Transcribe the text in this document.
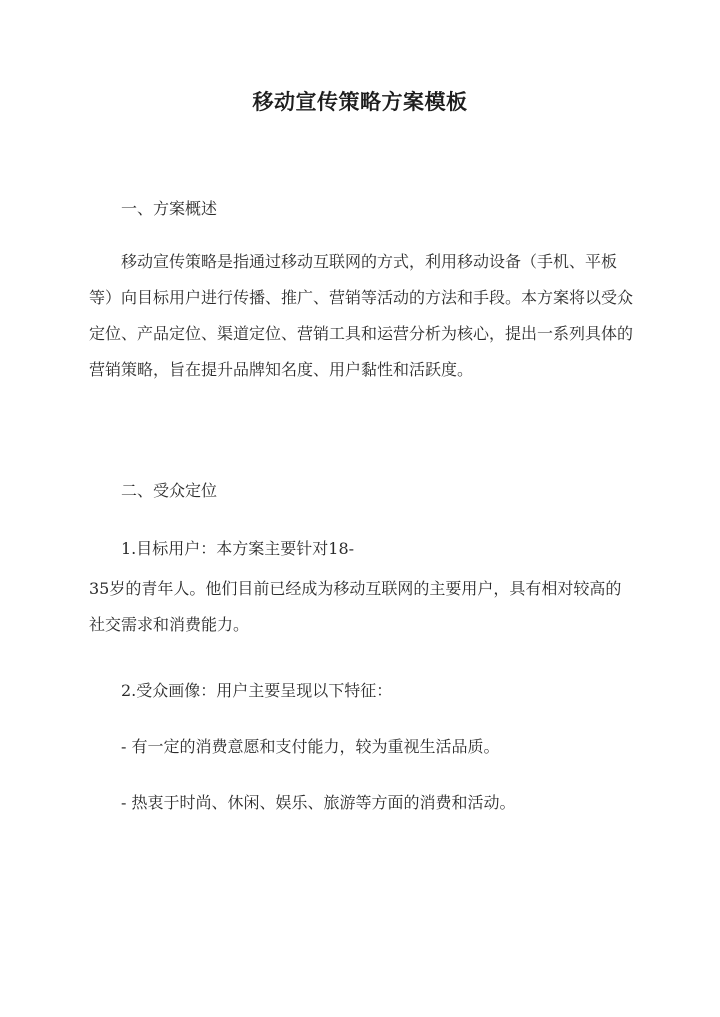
移动宣传策略方案模板

一、方案概述

移动宣传策略是指通过移动互联网的方式，利用移动设备（手机、平板等）向目标用户进行传播、推广、营销等活动的方法和手段。本方案将以受众定位、产品定位、渠道定位、营销工具和运营分析为核心，提出一系列具体的营销策略，旨在提升品牌知名度、用户黏性和活跃度。

二、受众定位

1.目标用户：本方案主要针对18-

35岁的青年人。他们目前已经成为移动互联网的主要用户，具有相对较高的社交需求和消费能力。

2.受众画像：用户主要呈现以下特征：

- 有一定的消费意愿和支付能力，较为重视生活品质。

- 热衷于时尚、休闲、娱乐、旅游等方面的消费和活动。
